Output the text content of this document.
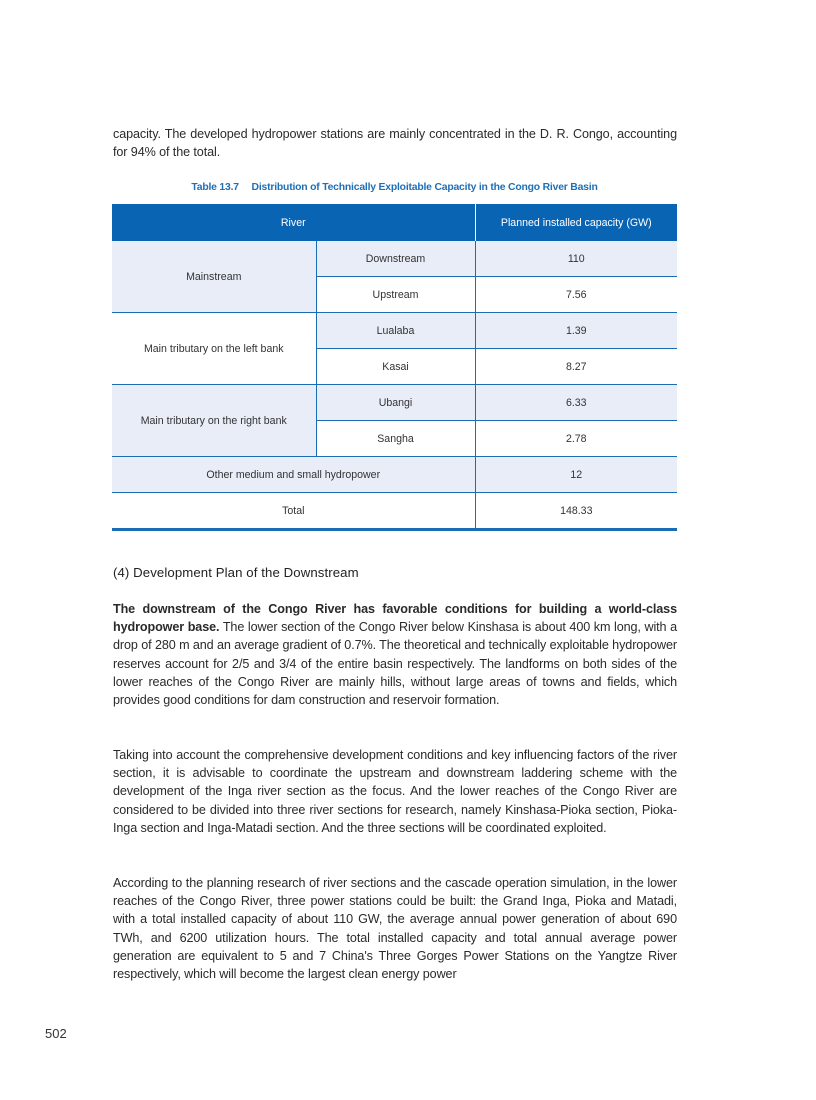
capacity. The developed hydropower stations are mainly concentrated in the D. R. Congo, accounting for 94% of the total.

Table 13.7 Distribution of Technically Exploitable Capacity in the Congo River Basin
River		Planned installed capacity (GW)
Mainstream	Downstream	110
	Upstream	7.56
Main tributary on the left bank	Lualaba	1.39
	Kasai	8.27
Main tributary on the right bank	Ubangi	6.33
	Sangha	2.78
Other medium and small hydropower		12
Total		148.33
(4) Development Plan of the Downstream

The downstream of the Congo River has favorable conditions for building a world-class hydropower base. The lower section of the Congo River below Kinshasa is about 400 km long, with a drop of 280 m and an average gradient of 0.7%. The theoretical and technically exploitable hydropower reserves account for 2/5 and 3/4 of the entire basin respectively. The landforms on both sides of the lower reaches of the Congo River are mainly hills, without large areas of towns and fields, which provides good conditions for dam construction and reservoir formation.

Taking into account the comprehensive development conditions and key influencing factors of the river section, it is advisable to coordinate the upstream and downstream laddering scheme with the development of the Inga river section as the focus. And the lower reaches of the Congo River are considered to be divided into three river sections for research, namely Kinshasa-Pioka section, Pioka-Inga section and Inga-Matadi section. And the three sections will be coordinated exploited.

According to the planning research of river sections and the cascade operation simulation, in the lower reaches of the Congo River, three power stations could be built: the Grand Inga, Pioka and Matadi, with a total installed capacity of about 110 GW, the average annual power generation of about 690 TWh, and 6200 utilization hours. The total installed capacity and total annual average power generation are equivalent to 5 and 7 China's Three Gorges Power Stations on the Yangtze River respectively, which will become the largest clean energy power

502
